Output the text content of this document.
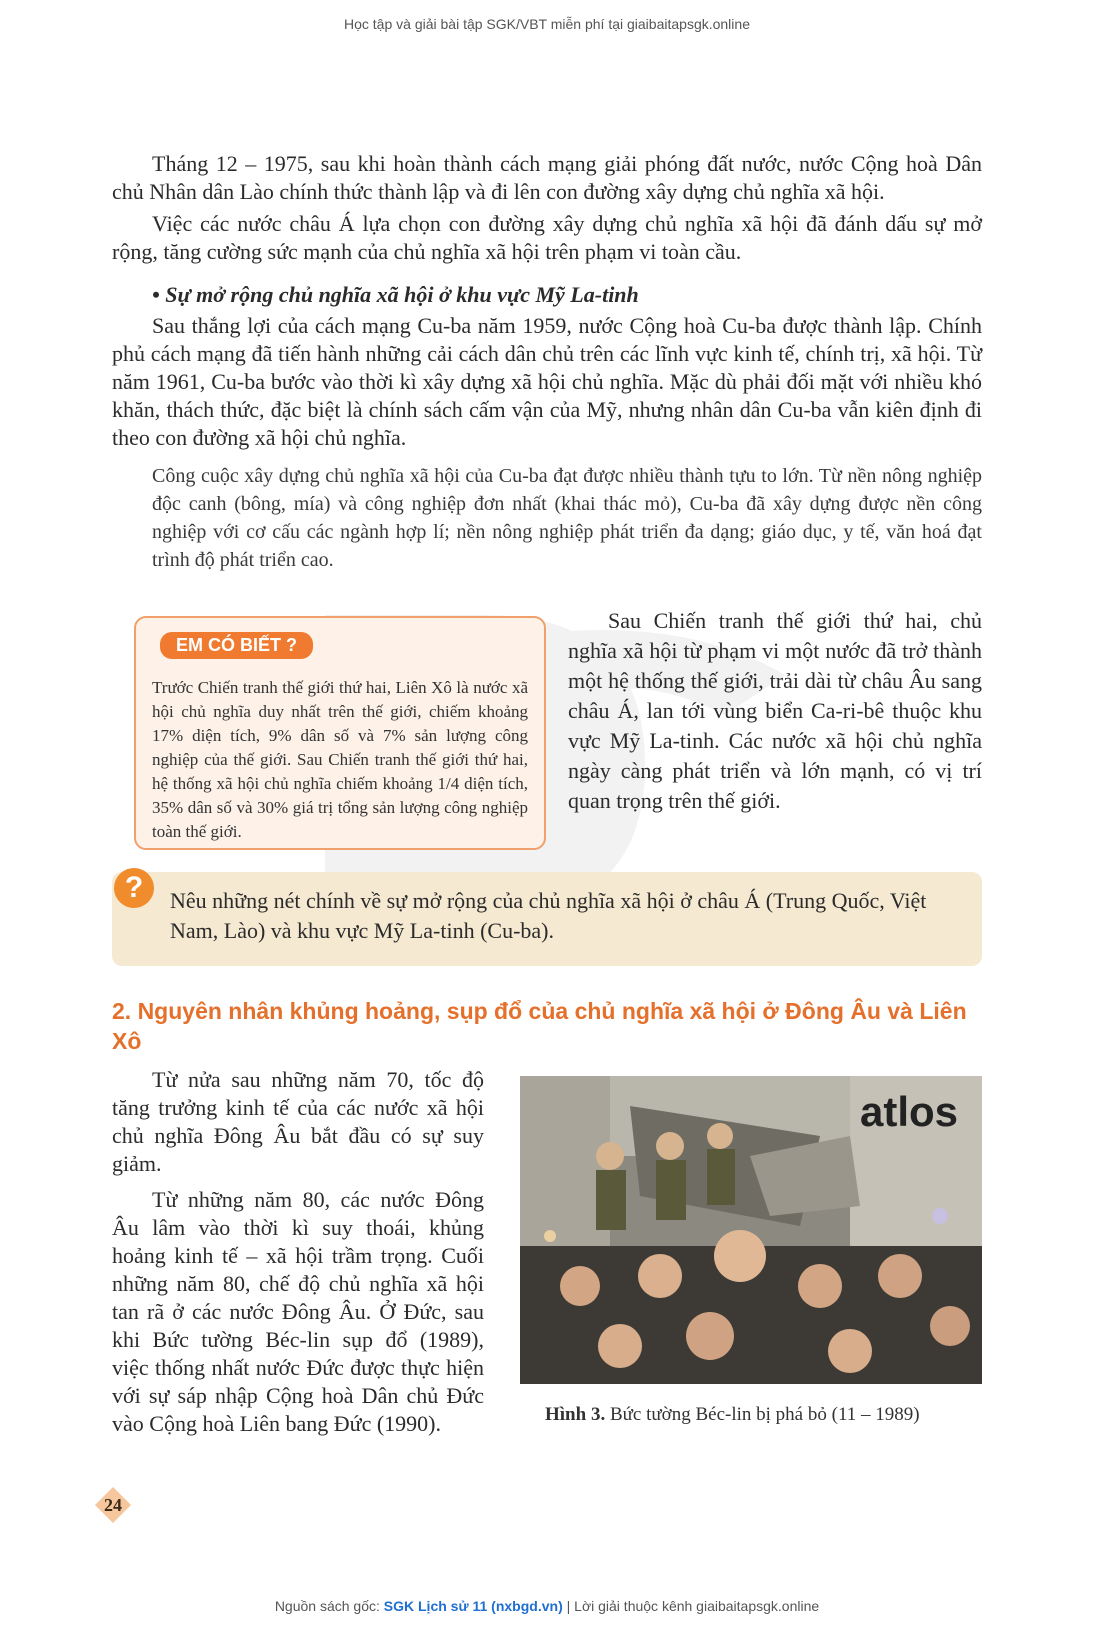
Học tập và giải bài tập SGK/VBT miễn phí tại giaibaitapsgk.online

Tháng 12 – 1975, sau khi hoàn thành cách mạng giải phóng đất nước, nước Cộng hoà Dân chủ Nhân dân Lào chính thức thành lập và đi lên con đường xây dựng chủ nghĩa xã hội.

Việc các nước châu Á lựa chọn con đường xây dựng chủ nghĩa xã hội đã đánh dấu sự mở rộng, tăng cường sức mạnh của chủ nghĩa xã hội trên phạm vi toàn cầu.

• Sự mở rộng chủ nghĩa xã hội ở khu vực Mỹ La-tinh

Sau thắng lợi của cách mạng Cu-ba năm 1959, nước Cộng hoà Cu-ba được thành lập. Chính phủ cách mạng đã tiến hành những cải cách dân chủ trên các lĩnh vực kinh tế, chính trị, xã hội. Từ năm 1961, Cu-ba bước vào thời kì xây dựng xã hội chủ nghĩa. Mặc dù phải đối mặt với nhiều khó khăn, thách thức, đặc biệt là chính sách cấm vận của Mỹ, nhưng nhân dân Cu-ba vẫn kiên định đi theo con đường xã hội chủ nghĩa.

Công cuộc xây dựng chủ nghĩa xã hội của Cu-ba đạt được nhiều thành tựu to lớn. Từ nền nông nghiệp độc canh (bông, mía) và công nghiệp đơn nhất (khai thác mỏ), Cu-ba đã xây dựng được nền công nghiệp với cơ cấu các ngành hợp lí; nền nông nghiệp phát triển đa dạng; giáo dục, y tế, văn hoá đạt trình độ phát triển cao.

EM CÓ BIẾT ?

Trước Chiến tranh thế giới thứ hai, Liên Xô là nước xã hội chủ nghĩa duy nhất trên thế giới, chiếm khoảng 17% diện tích, 9% dân số và 7% sản lượng công nghiệp của thế giới. Sau Chiến tranh thế giới thứ hai, hệ thống xã hội chủ nghĩa chiếm khoảng 1/4 diện tích, 35% dân số và 30% giá trị tổng sản lượng công nghiệp toàn thế giới.

Sau Chiến tranh thế giới thứ hai, chủ nghĩa xã hội từ phạm vi một nước đã trở thành một hệ thống thế giới, trải dài từ châu Âu sang châu Á, lan tới vùng biển Ca-ri-bê thuộc khu vực Mỹ La-tinh. Các nước xã hội chủ nghĩa ngày càng phát triển và lớn mạnh, có vị trí quan trọng trên thế giới.

?	Nêu những nét chính về sự mở rộng của chủ nghĩa xã hội ở châu Á (Trung Quốc, Việt Nam, Lào) và khu vực Mỹ La-tinh (Cu-ba).

2. Nguyên nhân khủng hoảng, sụp đổ của chủ nghĩa xã hội ở Đông Âu và Liên Xô

Từ nửa sau những năm 70, tốc độ tăng trưởng kinh tế của các nước xã hội chủ nghĩa Đông Âu bắt đầu có sự suy giảm.

Từ những năm 80, các nước Đông Âu lâm vào thời kì suy thoái, khủng hoảng kinh tế – xã hội trầm trọng. Cuối những năm 80, chế độ chủ nghĩa xã hội tan rã ở các nước Đông Âu. Ở Đức, sau khi Bức tường Béc-lin sụp đổ (1989), việc thống nhất nước Đức được thực hiện với sự sáp nhập Cộng hoà Dân chủ Đức vào Cộng hoà Liên bang Đức (1990).

atlos

Hình 3. Bức tường Béc-lin bị phá bỏ (11 – 1989)

24
Nguồn sách gốc: SGK Lịch sử 11 (nxbgd.vn) | Lời giải thuộc kênh giaibaitapsgk.online
